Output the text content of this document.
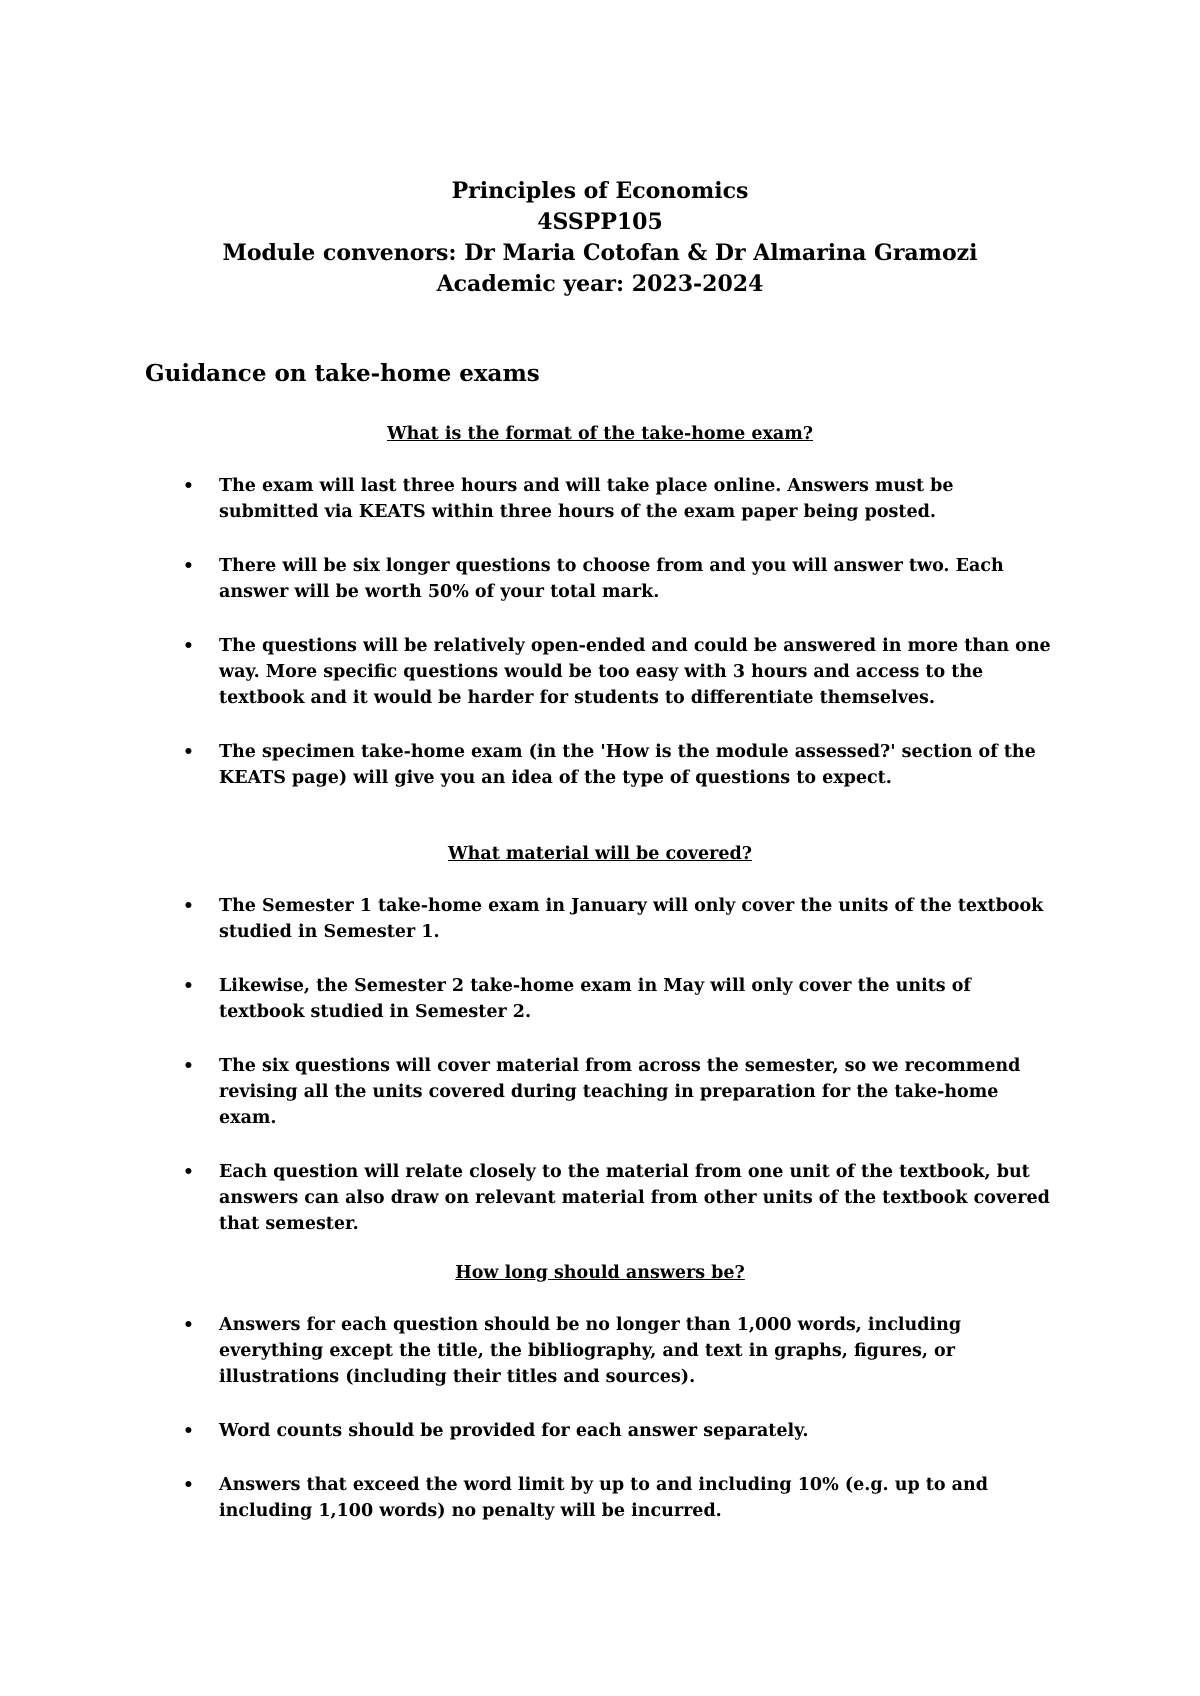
Principles of Economics
4SSPP105
Module convenors: Dr Maria Cotofan & Dr Almarina Gramozi
Academic year: 2023-2024
Guidance on take-home exams
What is the format of the take-home exam?
• The exam will last three hours and will take place online. Answers must be submitted via KEATS within three hours of the exam paper being posted.
• There will be six longer questions to choose from and you will answer two. Each answer will be worth 50% of your total mark.
• The questions will be relatively open-ended and could be answered in more than one way. More specific questions would be too easy with 3 hours and access to the textbook and it would be harder for students to differentiate themselves.
• The specimen take-home exam (in the 'How is the module assessed?' section of the KEATS page) will give you an idea of the type of questions to expect.
What material will be covered?
• The Semester 1 take-home exam in January will only cover the units of the textbook studied in Semester 1.
• Likewise, the Semester 2 take-home exam in May will only cover the units of textbook studied in Semester 2.
• The six questions will cover material from across the semester, so we recommend revising all the units covered during teaching in preparation for the take-home exam.
• Each question will relate closely to the material from one unit of the textbook, but answers can also draw on relevant material from other units of the textbook covered that semester.
How long should answers be?
• Answers for each question should be no longer than 1,000 words, including everything except the title, the bibliography, and text in graphs, figures, or illustrations (including their titles and sources).
• Word counts should be provided for each answer separately.
• Answers that exceed the word limit by up to and including 10% (e.g. up to and including 1,100 words) no penalty will be incurred.
